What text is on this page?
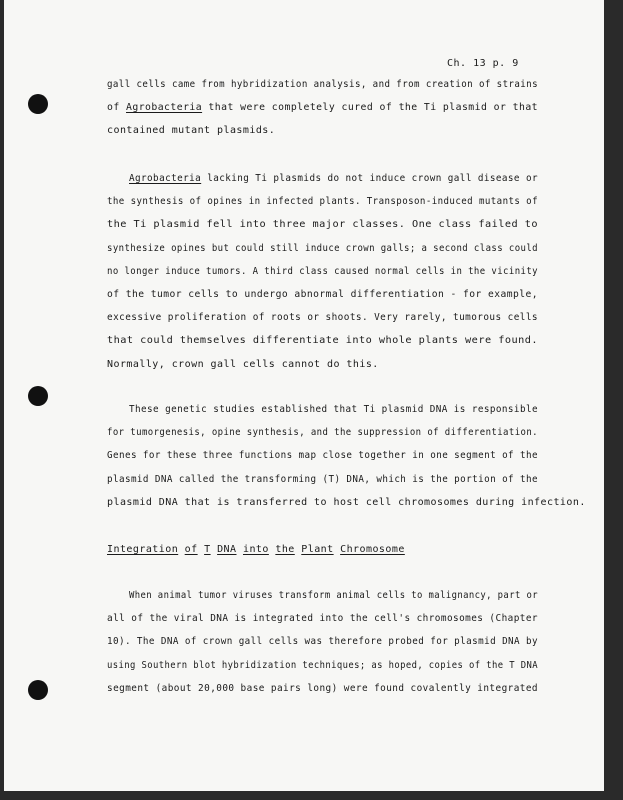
Ch. 13 p. 9
gall cells came from hybridization analysis, and from creation of strains
of Agrobacteria that were completely cured of the Ti plasmid or that
contained mutant plasmids.
Agrobacteria lacking Ti plasmids do not induce crown gall disease or
the synthesis of opines in infected plants. Transposon-induced mutants of
the Ti plasmid fell into three major classes. One class failed to
synthesize opines but could still induce crown galls; a second class could
no longer induce tumors. A third class caused normal cells in the vicinity
of the tumor cells to undergo abnormal differentiation - for example,
excessive proliferation of roots or shoots. Very rarely, tumorous cells
that could themselves differentiate into whole plants were found.
Normally, crown gall cells cannot do this.
These genetic studies established that Ti plasmid DNA is responsible
for tumorgenesis, opine synthesis, and the suppression of differentiation.
Genes for these three functions map close together in one segment of the
plasmid DNA called the transforming (T) DNA, which is the portion of the
plasmid DNA that is transferred to host cell chromosomes during infection.
Integration of T DNA into the Plant Chromosome
When animal tumor viruses transform animal cells to malignancy, part or
all of the viral DNA is integrated into the cell's chromosomes (Chapter
10). The DNA of crown gall cells was therefore probed for plasmid DNA by
using Southern blot hybridization techniques; as hoped, copies of the T DNA
segment (about 20,000 base pairs long) were found covalently integrated
